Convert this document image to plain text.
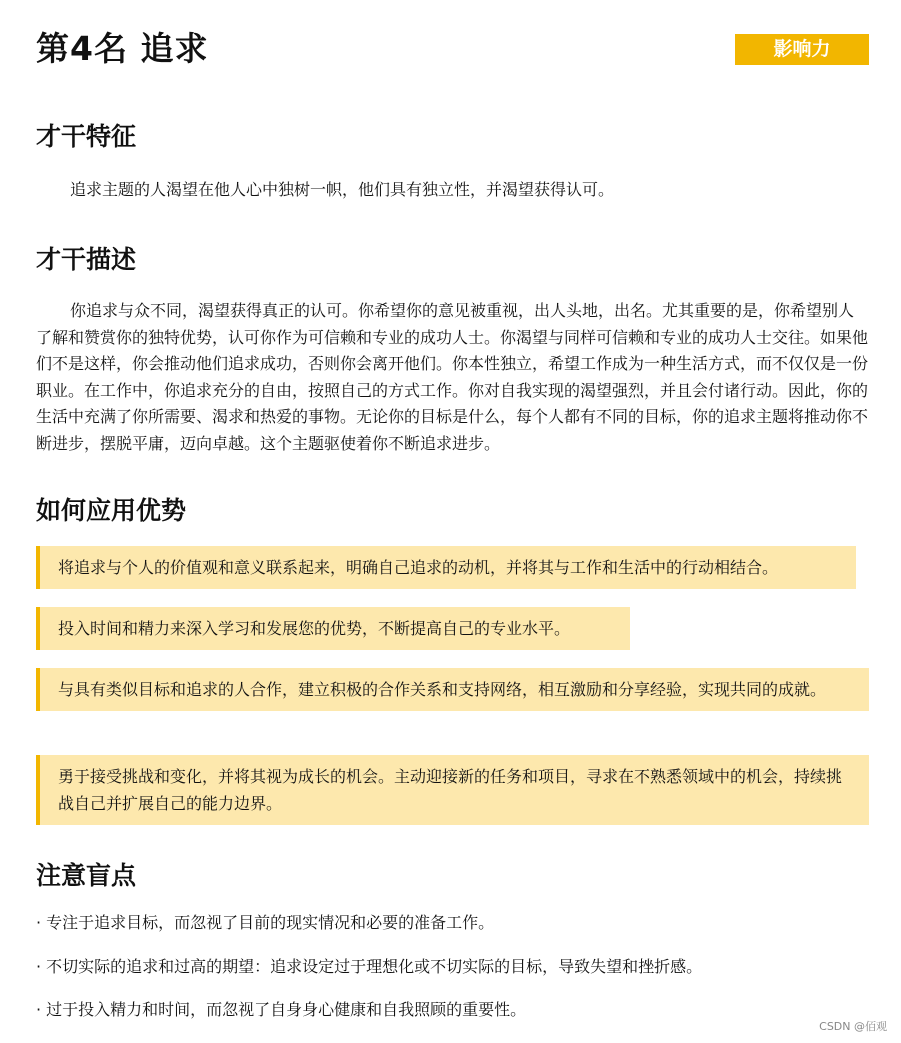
第4名 追求	影响力
才干特征

追求主题的人渴望在他人心中独树一帜，他们具有独立性，并渴望获得认可。

才干描述

你追求与众不同，渴望获得真正的认可。你希望你的意见被重视，出人头地，出名。尤其重要的是，你希望别人了解和赞赏你的独特优势，认可你作为可信赖和专业的成功人士。你渴望与同样可信赖和专业的成功人士交往。如果他们不是这样，你会推动他们追求成功，否则你会离开他们。你本性独立，希望工作成为一种生活方式，而不仅仅是一份职业。在工作中，你追求充分的自由，按照自己的方式工作。你对自我实现的渴望强烈，并且会付诸行动。因此，你的生活中充满了你所需要、渴求和热爱的事物。无论你的目标是什么，每个人都有不同的目标，你的追求主题将推动你不断进步，摆脱平庸，迈向卓越。这个主题驱使着你不断追求进步。

如何应用优势
将追求与个人的价值观和意义联系起来，明确自己追求的动机，并将其与工作和生活中的行动相结合。
投入时间和精力来深入学习和发展您的优势，不断提高自己的专业水平。
与具有类似目标和追求的人合作，建立积极的合作关系和支持网络，相互激励和分享经验，实现共同的成就。
勇于接受挑战和变化，并将其视为成长的机会。主动迎接新的任务和项目，寻求在不熟悉领域中的机会，持续挑战自己并扩展自己的能力边界。
注意盲点

· 专注于追求目标，而忽视了目前的现实情况和必要的准备工作。

· 不切实际的追求和过高的期望：追求设定过于理想化或不切实际的目标，导致失望和挫折感。

· 过于投入精力和时间，而忽视了自身身心健康和自我照顾的重要性。

CSDN @佰观
